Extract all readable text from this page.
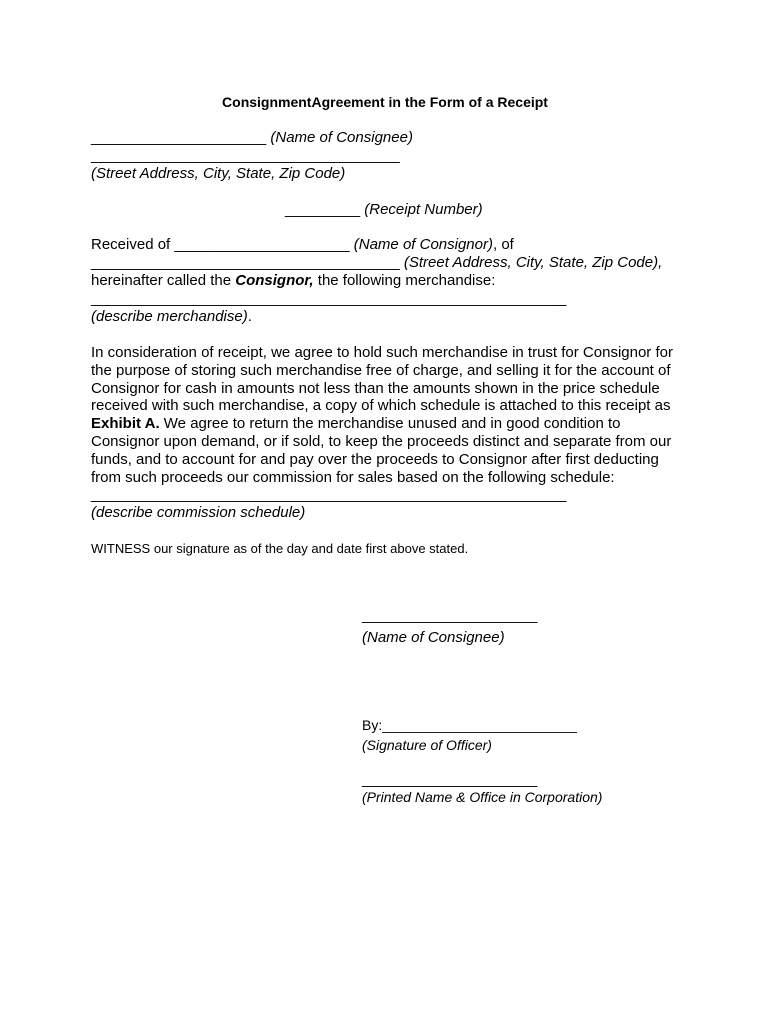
ConsignmentAgreement in the Form of a Receipt
_____________________ (Name of Consignee)
_____________________________________
(Street Address, City, State, Zip Code)
_________ (Receipt Number)
Received of _____________________ (Name of Consignor), of
_____________________________________ (Street Address, City, State, Zip Code),
hereinafter called the Consignor, the following merchandise:
_________________________________________________________
(describe merchandise).
In consideration of receipt, we agree to hold such merchandise in trust for Consignor for the purpose of storing such merchandise free of charge, and selling it for the account of Consignor for cash in amounts not less than the amounts shown in the price schedule received with such merchandise, a copy of which schedule is attached to this receipt as Exhibit A. We agree to return the merchandise unused and in good condition to Consignor upon demand, or if sold, to keep the proceeds distinct and separate from our funds, and to account for and pay over the proceeds to Consignor after first deducting from such proceeds our commission for sales based on the following schedule:
_________________________________________________________
(describe commission schedule)
WITNESS our signature as of the day and date first above stated.
_____________________
(Name of Consignee)
By:_________________________
(Signature of Officer)
_____________________
(Printed Name & Office in Corporation)
